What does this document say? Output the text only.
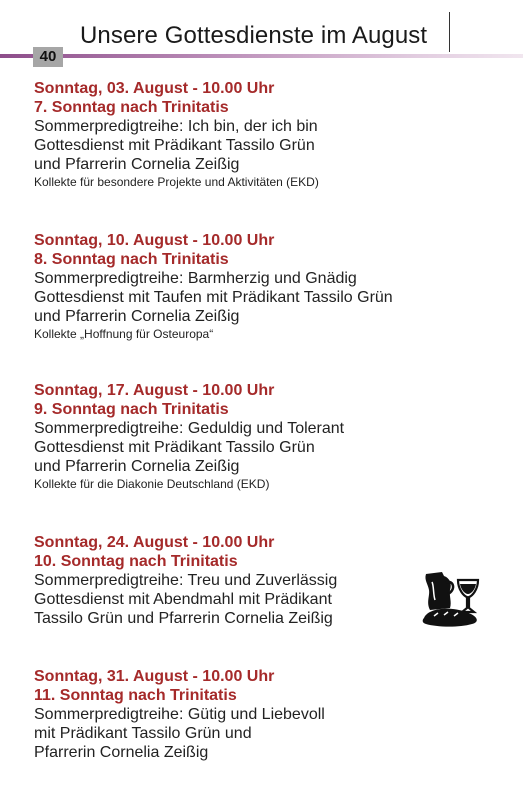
Unsere Gottesdienste im August
40
Sonntag, 03. August - 10.00 Uhr
7. Sonntag nach Trinitatis
Sommerpredigtreihe: Ich bin, der ich bin
Gottesdienst mit Prädikant Tassilo Grün
und Pfarrerin Cornelia Zeißig
Kollekte für besondere Projekte und Aktivitäten (EKD)
Sonntag, 10. August - 10.00 Uhr
8. Sonntag nach Trinitatis
Sommerpredigtreihe: Barmherzig und Gnädig
Gottesdienst mit Taufen mit Prädikant Tassilo Grün
und Pfarrerin Cornelia Zeißig
Kollekte „Hoffnung für Osteuropa“
Sonntag, 17. August - 10.00 Uhr
9. Sonntag nach Trinitatis
Sommerpredigtreihe: Geduldig und Tolerant
Gottesdienst mit Prädikant Tassilo Grün
und Pfarrerin Cornelia Zeißig
Kollekte für die Diakonie Deutschland (EKD)
Sonntag, 24. August - 10.00 Uhr
10. Sonntag nach Trinitatis
Sommerpredigtreihe: Treu und Zuverlässig
Gottesdienst mit Abendmahl mit Prädikant
Tassilo Grün und Pfarrerin Cornelia Zeißig
Sonntag, 31. August - 10.00 Uhr
11. Sonntag nach Trinitatis
Sommerpredigtreihe: Gütig und Liebevoll
mit Prädikant Tassilo Grün und
Pfarrerin Cornelia Zeißig
